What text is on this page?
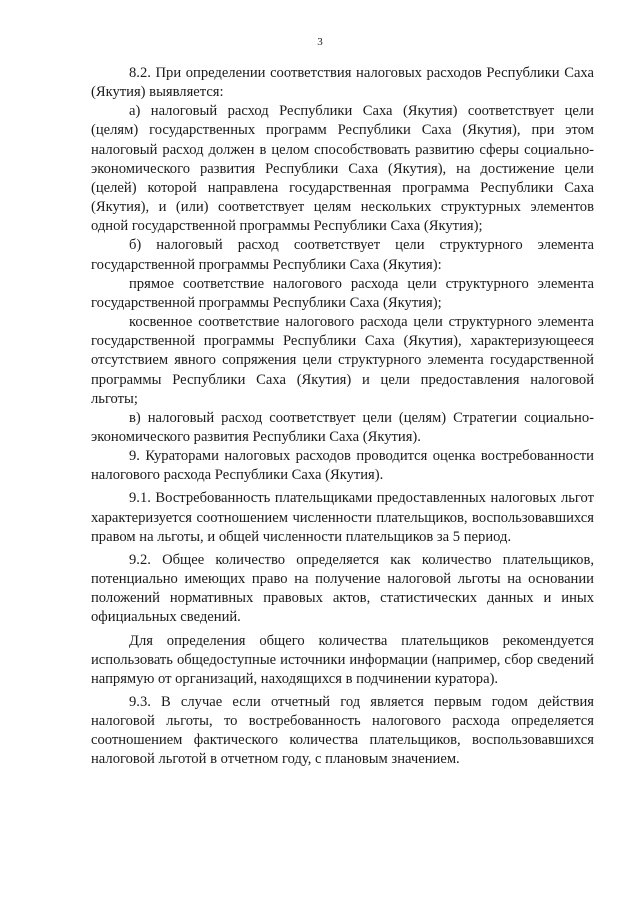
3

8.2. При определении соответствия налоговых расходов Республики Саха (Якутия) выявляется:

а) налоговый расход Республики Саха (Якутия) соответствует цели (целям) государственных программ Республики Саха (Якутия), при этом налоговый расход должен в целом способствовать развитию сферы социально-экономического развития Республики Саха (Якутия), на достижение цели (целей) которой направлена государственная программа Республики Саха (Якутия), и (или) соответствует целям нескольких структурных элементов одной государственной программы Республики Саха (Якутия);

б) налоговый расход соответствует цели структурного элемента государственной программы Республики Саха (Якутия):

прямое соответствие налогового расхода цели структурного элемента государственной программы Республики Саха (Якутия);

косвенное соответствие налогового расхода цели структурного элемента государственной программы Республики Саха (Якутия), характеризующееся отсутствием явного сопряжения цели структурного элемента государственной программы Республики Саха (Якутия) и цели предоставления налоговой льготы;

в) налоговый расход соответствует цели (целям) Стратегии социально-экономического развития Республики Саха (Якутия).

9. Кураторами налоговых расходов проводится оценка востребованности налогового расхода Республики Саха (Якутия).

9.1. Востребованность плательщиками предоставленных налоговых льгот характеризуется соотношением численности плательщиков, воспользовавшихся правом на льготы, и общей численности плательщиков за 5 период.

9.2. Общее количество определяется как количество плательщиков, потенциально имеющих право на получение налоговой льготы на основании положений нормативных правовых актов, статистических данных и иных официальных сведений.

Для определения общего количества плательщиков рекомендуется использовать общедоступные источники информации (например, сбор сведений напрямую от организаций, находящихся в подчинении куратора).

9.3. В случае если отчетный год является первым годом действия налоговой льготы, то востребованность налогового расхода определяется соотношением фактического количества плательщиков, воспользовавшихся налоговой льготой в отчетном году, с плановым значением.
